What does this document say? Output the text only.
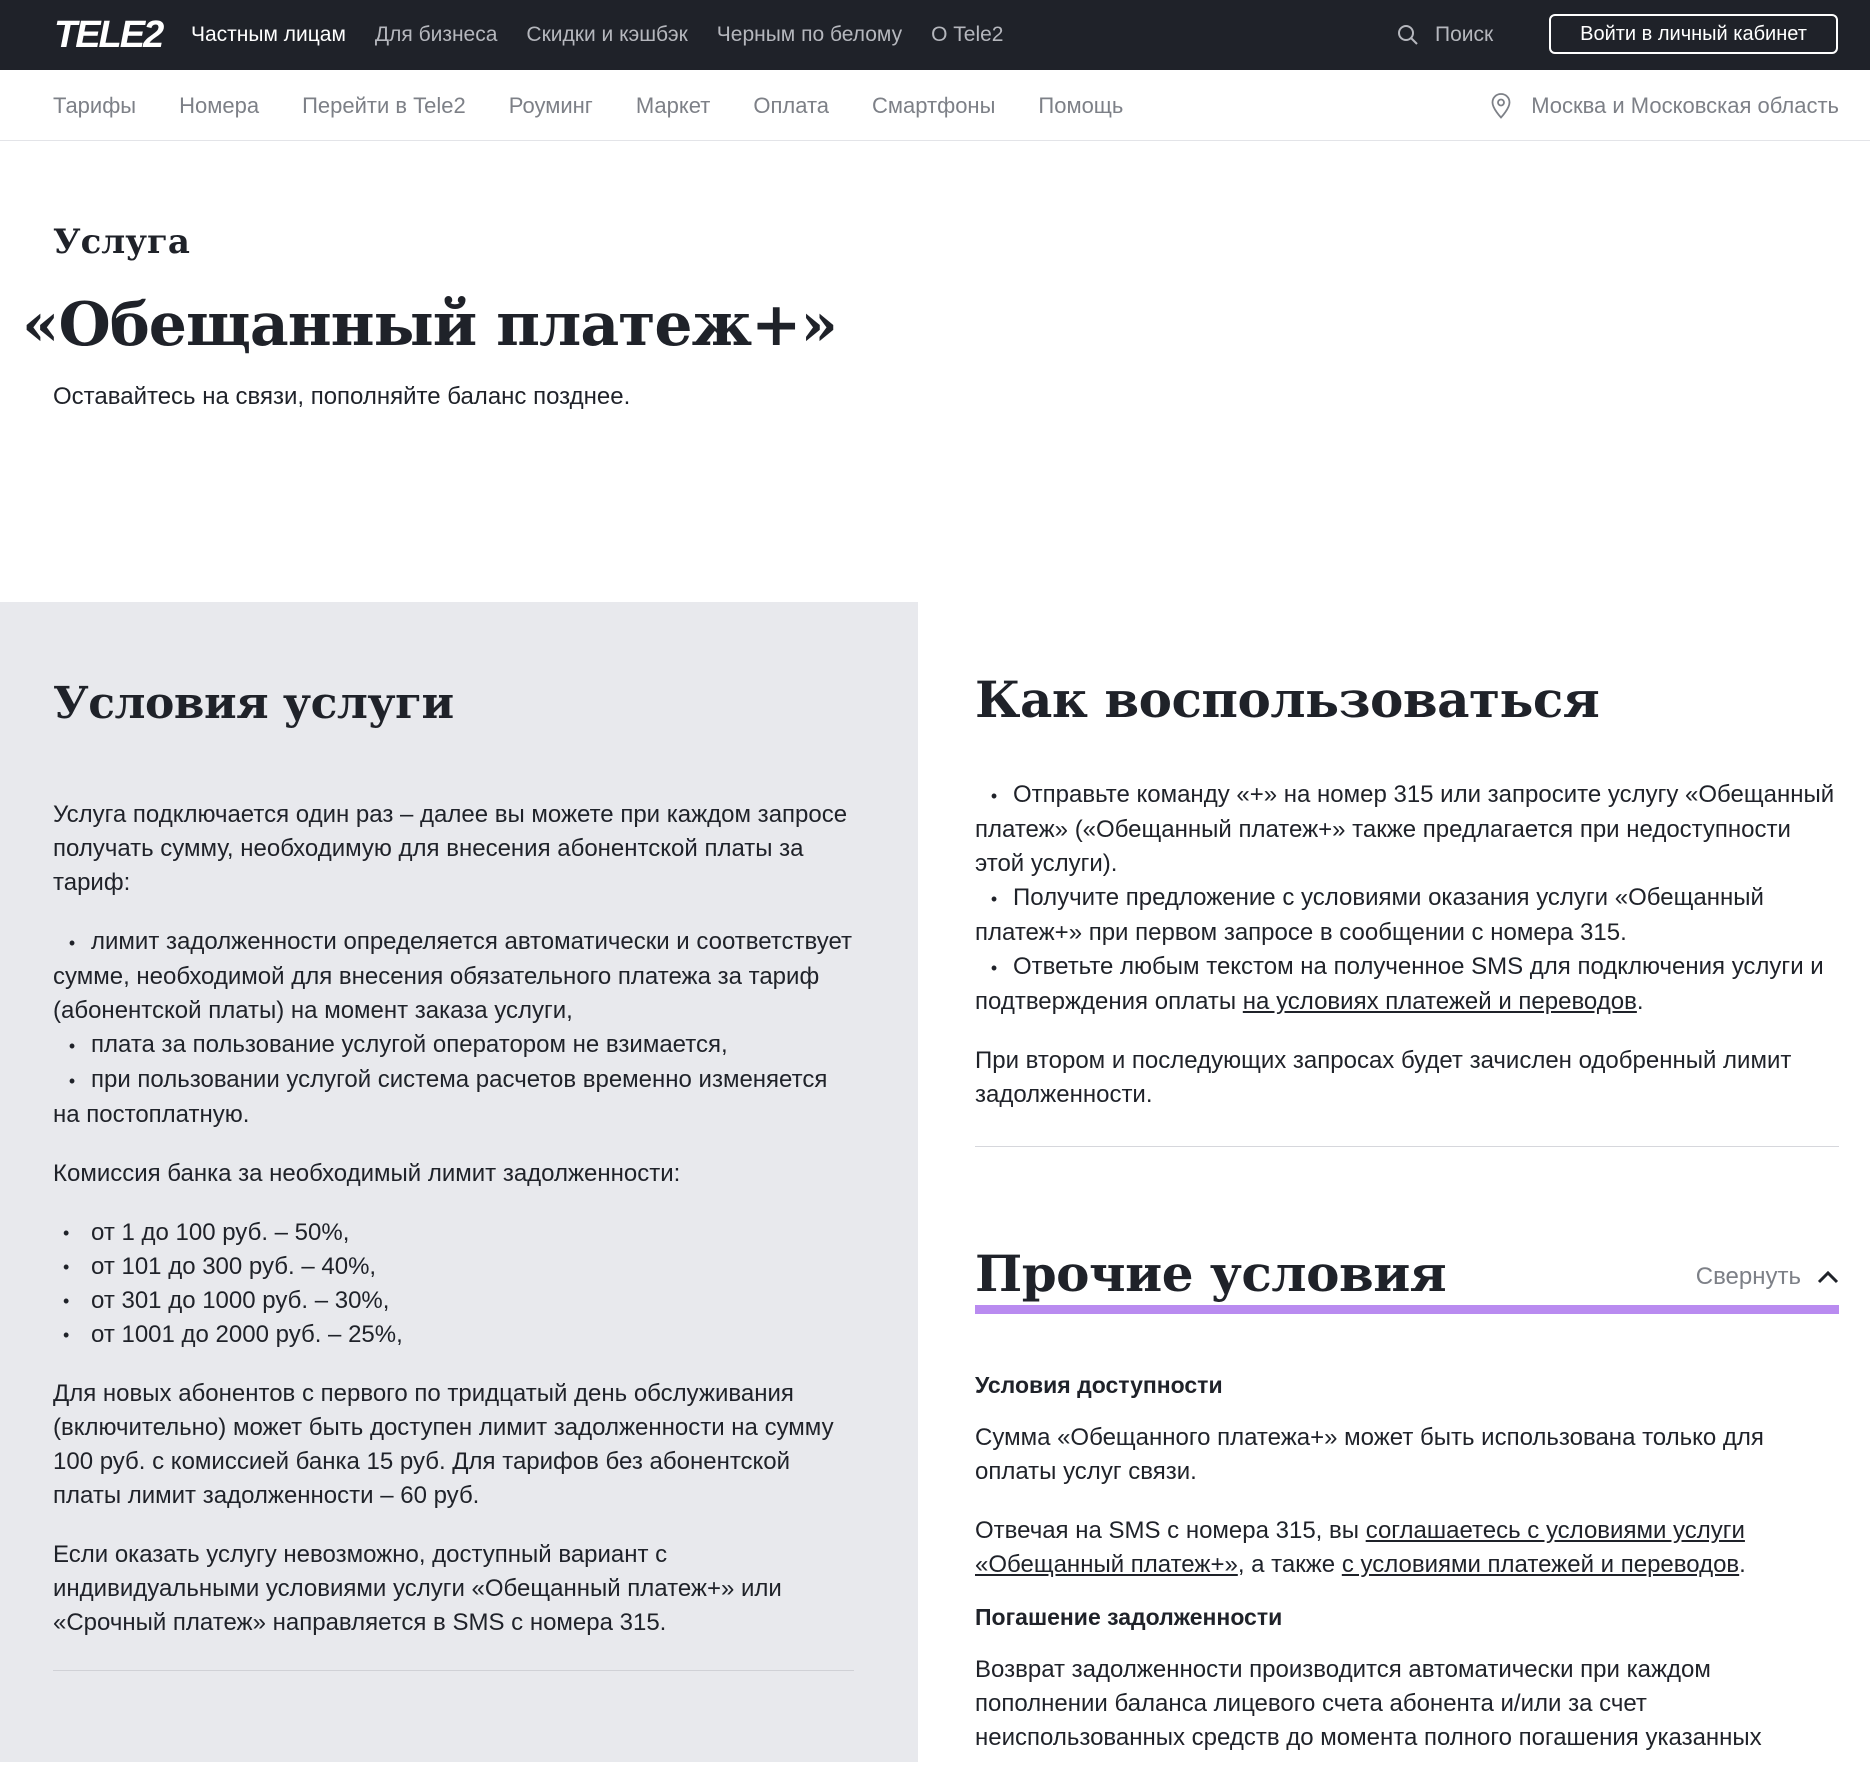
TELE2 Частным лицам Для бизнеса Скидки и кэшбэк Черным по белому О Tele2	Поиск	Войти в личный кабинет
Тарифы Номера Перейти в Tele2 Роуминг Маркет Оплата Смартфоны Помощь	Москва и Московская область
Услуга
«Обещанный платеж+»

Оставайтесь на связи, пополняйте баланс позднее.

Условия услуги

Услуга подключается один раз – далее вы можете при каждом запросе получать сумму, необходимую для внесения абонентской платы за тариф:

• лимит задолженности определяется автоматически и соответствует сумме, необходимой для внесения обязательного платежа за тариф (абонентской платы) на момент заказа услуги,
• плата за пользование услугой оператором не взимается,
• при пользовании услугой система расчетов временно изменяется на постоплатную.

Комиссия банка за необходимый лимит задолженности:

• от 1 до 100 руб. – 50%,
• от 101 до 300 руб. – 40%,
• от 301 до 1000 руб. – 30%,
• от 1001 до 2000 руб. – 25%,

Для новых абонентов с первого по тридцатый день обслуживания (включительно) может быть доступен лимит задолженности на сумму 100 руб. с комиссией банка 15 руб. Для тарифов без абонентской платы лимит задолженности – 60 руб.

Если оказать услугу невозможно, доступный вариант с индивидуальными условиями услуги «Обещанный платеж+» или «Срочный платеж» направляется в SMS с номера 315.

Как воспользоваться
• Отправьте команду «+» на номер 315 или запросите услугу «Обещанный платеж» («Обещанный платеж+» также предлагается при недоступности этой услуги).
• Получите предложение с условиями оказания услуги «Обещанный платеж+» при первом запросе в сообщении с номера 315.
• Ответьте любым текстом на полученное SMS для подключения услуги и подтверждения оплаты на условиях платежей и переводов.

При втором и последующих запросах будет зачислен одобренный лимит задолженности.

Прочие условия	Свернуть
Условия доступности

Сумма «Обещанного платежа+» может быть использована только для оплаты услуг связи.

Отвечая на SMS с номера 315, вы соглашаетесь с условиями услуги «Обещанный платеж+», а также с условиями платежей и переводов.

Погашение задолженности

Возврат задолженности производится автоматически при каждом пополнении баланса лицевого счета абонента и/или за счет неиспользованных средств до момента полного погашения указанных
